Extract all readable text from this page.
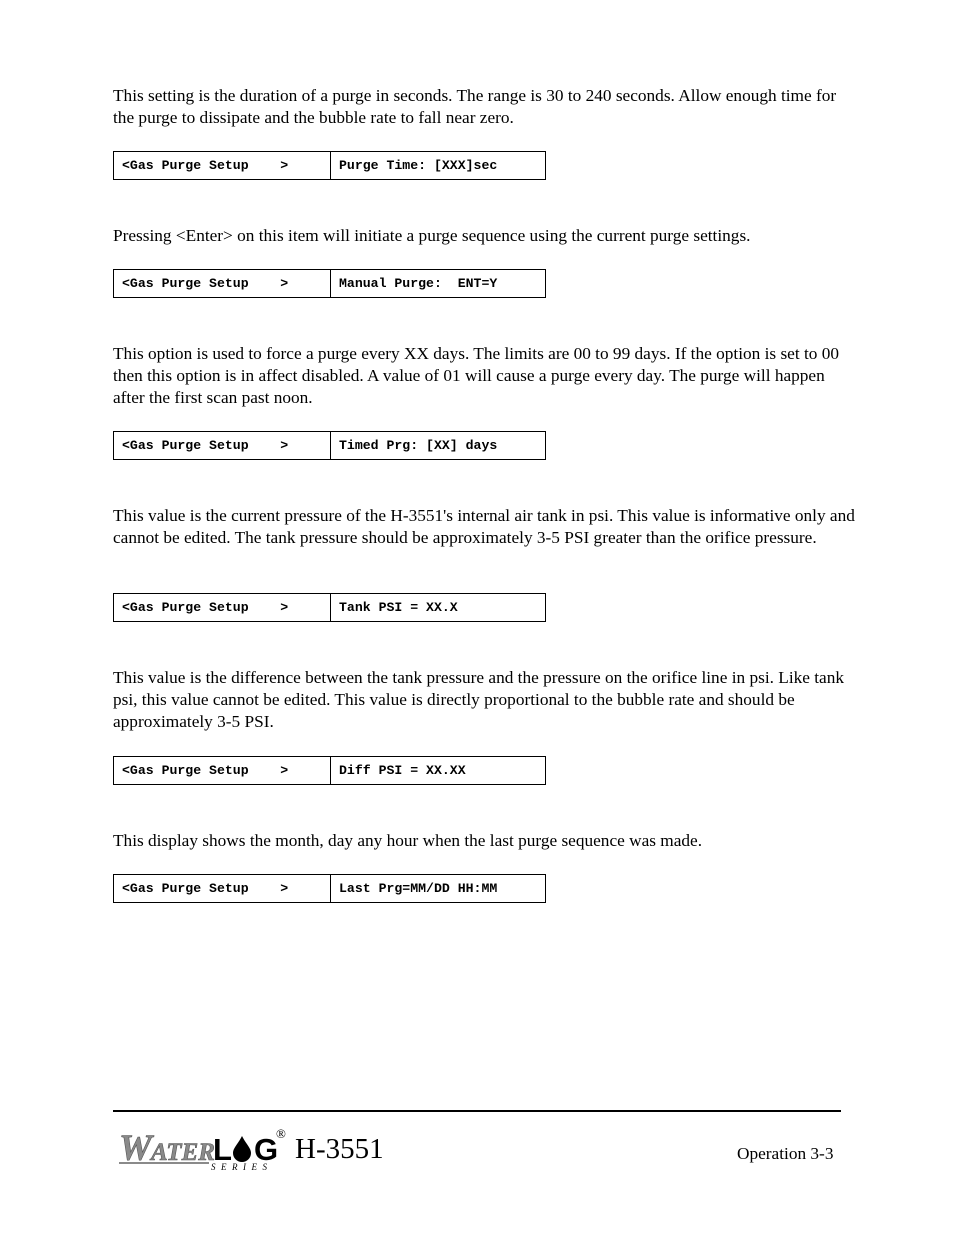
This setting is the duration of a purge in seconds. The range is 30 to 240 seconds. Allow enough time for the purge to dissipate and the bubble rate to fall near zero.

<Gas Purge Setup    >	Purge Time: [XXX]sec

Pressing <Enter> on this item will initiate a purge sequence using the current purge settings.

<Gas Purge Setup    >	Manual Purge:  ENT=Y

This option is used to force a purge every XX days. The limits are 00 to 99 days. If the option is set to 00 then this option is in affect disabled. A value of 01 will cause a purge every day. The purge will happen after the first scan past noon.

<Gas Purge Setup    >	Timed Prg: [XX] days

This value is the current pressure of the H-3551's internal air tank in psi. This value is informative only and cannot be edited. The tank pressure should be approximately 3-5 PSI greater than the orifice pressure.

<Gas Purge Setup    >	Tank PSI = XX.X

This value is the difference between the tank pressure and the pressure on the orifice line in psi. Like tank psi, this value cannot be edited. This value is directly proportional to the bubble rate and should be approximately 3-5 PSI.

<Gas Purge Setup    >	Diff PSI = XX.XX

This display shows the month, day any hour when the last purge sequence was made.

<Gas Purge Setup    >	Last Prg=MM/DD HH:MM
W ATER
L G
SERIES
® H-3551	Operation 3-3
